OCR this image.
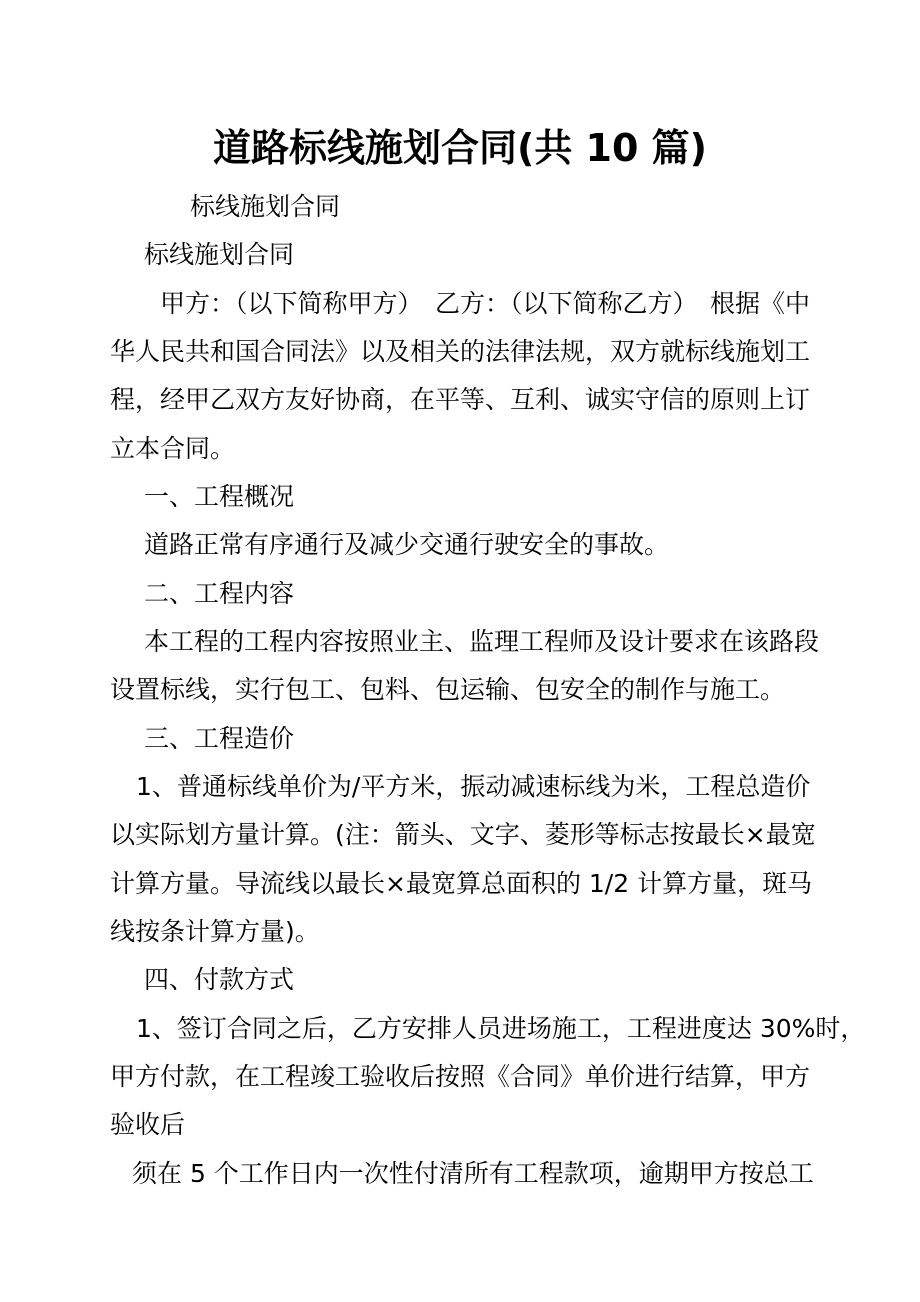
道路标线施划合同(共 10 篇)
标线施划合同
标线施划合同
甲方：（以下简称甲方）　乙方：（以下简称乙方）　根据《中
华人民共和国合同法》以及相关的法律法规，双方就标线施划工
程，经甲乙双方友好协商，在平等、互利、诚实守信的原则上订
立本合同。
一、工程概况
道路正常有序通行及减少交通行驶安全的事故。
二、工程内容
本工程的工程内容按照业主、监理工程师及设计要求在该路段
设置标线，实行包工、包料、包运输、包安全的制作与施工。
三、工程造价
1、普通标线单价为/平方米，振动减速标线为米，工程总造价
以实际划方量计算。(注：箭头、文字、菱形等标志按最长×最宽
计算方量。导流线以最长×最宽算总面积的 1/2 计算方量，斑马
线按条计算方量)。
四、付款方式
1、签订合同之后，乙方安排人员进场施工，工程进度达 30%时，
甲方付款，在工程竣工验收后按照《合同》单价进行结算，甲方
验收后
须在 5 个工作日内一次性付清所有工程款项，逾期甲方按总工
